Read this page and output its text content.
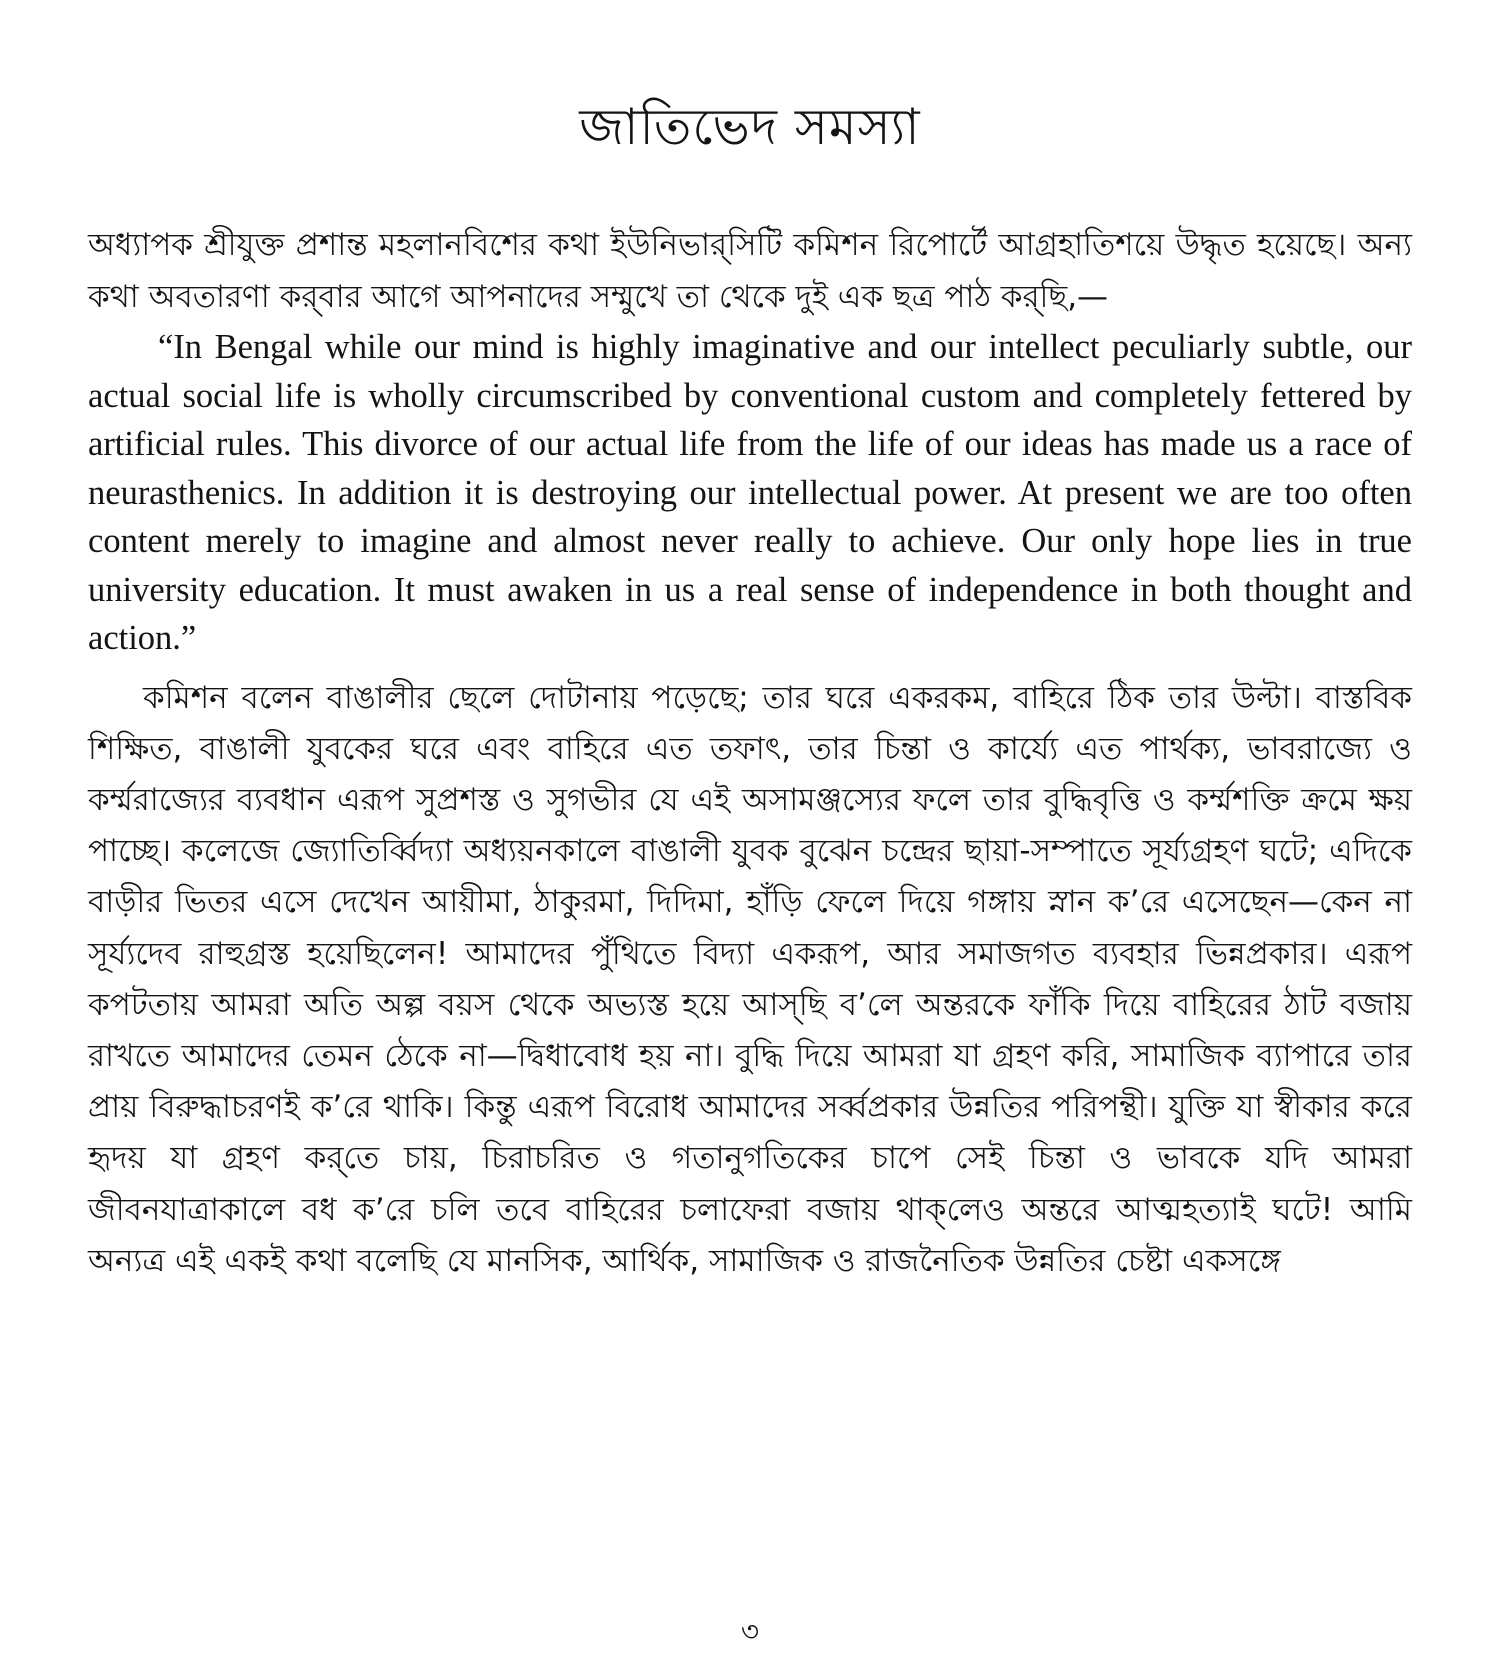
জাতিভেদ সমস্যা

অধ্যাপক শ্রীযুক্ত প্রশান্ত মহলানবিশের কথা ইউনিভার্‌সিটি কমিশন রিপোর্টে আগ্রহাতিশয়ে উদ্ধৃত হয়েছে। অন্য কথা অবতারণা কর্‌বার আগে আপনাদের সম্মুখে তা থেকে দুই এক ছত্র পাঠ কর্‌ছি,—

“In Bengal while our mind is highly imaginative and our intellect peculiarly subtle, our actual social life is wholly circumscribed by conventional custom and completely fettered by artificial rules. This divorce of our actual life from the life of our ideas has made us a race of neurasthenics. In addition it is destroying our intellectual power. At present we are too often content merely to imagine and almost never really to achieve. Our only hope lies in true university education. It must awaken in us a real sense of independence in both thought and action.”

কমিশন বলেন বাঙালীর ছেলে দোটানায় পড়েছে; তার ঘরে একরকম, বাহিরে ঠিক তার উল্টা। বাস্তবিক শিক্ষিত, বাঙালী যুবকের ঘরে এবং বাহিরে এত তফাৎ, তার চিন্তা ও কার্য্যে এত পার্থক্য, ভাবরাজ্যে ও কর্ম্মরাজ্যের ব্যবধান এরূপ সুপ্রশস্ত ও সুগভীর যে এই অসামঞ্জস্যের ফলে তার বুদ্ধিবৃত্তি ও কর্ম্মশক্তি ক্রমে ক্ষয় পাচ্ছে। কলেজে জ্যোতির্ব্বিদ্যা অধ্যয়নকালে বাঙালী যুবক বুঝেন চন্দ্রের ছায়া-সম্পাতে সূর্য্যগ্রহণ ঘটে; এদিকে বাড়ীর ভিতর এসে দেখেন আয়ীমা, ঠাকুরমা, দিদিমা, হাঁড়ি ফেলে দিয়ে গঙ্গায় স্নান ক’রে এসেছেন—কেন না সূর্য্যদেব রাহুগ্রস্ত হয়েছিলেন! আমাদের পুঁথিতে বিদ্যা একরূপ, আর সমাজগত ব্যবহার ভিন্নপ্রকার। এরূপ কপটতায় আমরা অতি অল্প বয়স থেকে অভ্যস্ত হয়ে আস্‌ছি ব’লে অন্তরকে ফাঁকি দিয়ে বাহিরের ঠাট বজায় রাখতে আমাদের তেমন ঠেকে না—দ্বিধাবোধ হয় না। বুদ্ধি দিয়ে আমরা যা গ্রহণ করি, সামাজিক ব্যাপারে তার প্রায় বিরুদ্ধাচরণই ক’রে থাকি। কিন্তু এরূপ বিরোধ আমাদের সর্ব্বপ্রকার উন্নতির পরিপন্থী। যুক্তি যা স্বীকার করে হৃদয় যা গ্রহণ কর্‌তে চায়, চিরাচরিত ও গতানুগতিকের চাপে সেই চিন্তা ও ভাবকে যদি আমরা জীবনযাত্রাকালে বধ ক’রে চলি তবে বাহিরের চলাফেরা বজায় থাক্‌লেও অন্তরে আত্মহত্যাই ঘটে! আমি অন্যত্র এই একই কথা বলেছি যে মানসিক, আর্থিক, সামাজিক ও রাজনৈতিক উন্নতির চেষ্টা একসঙ্গে

৩
